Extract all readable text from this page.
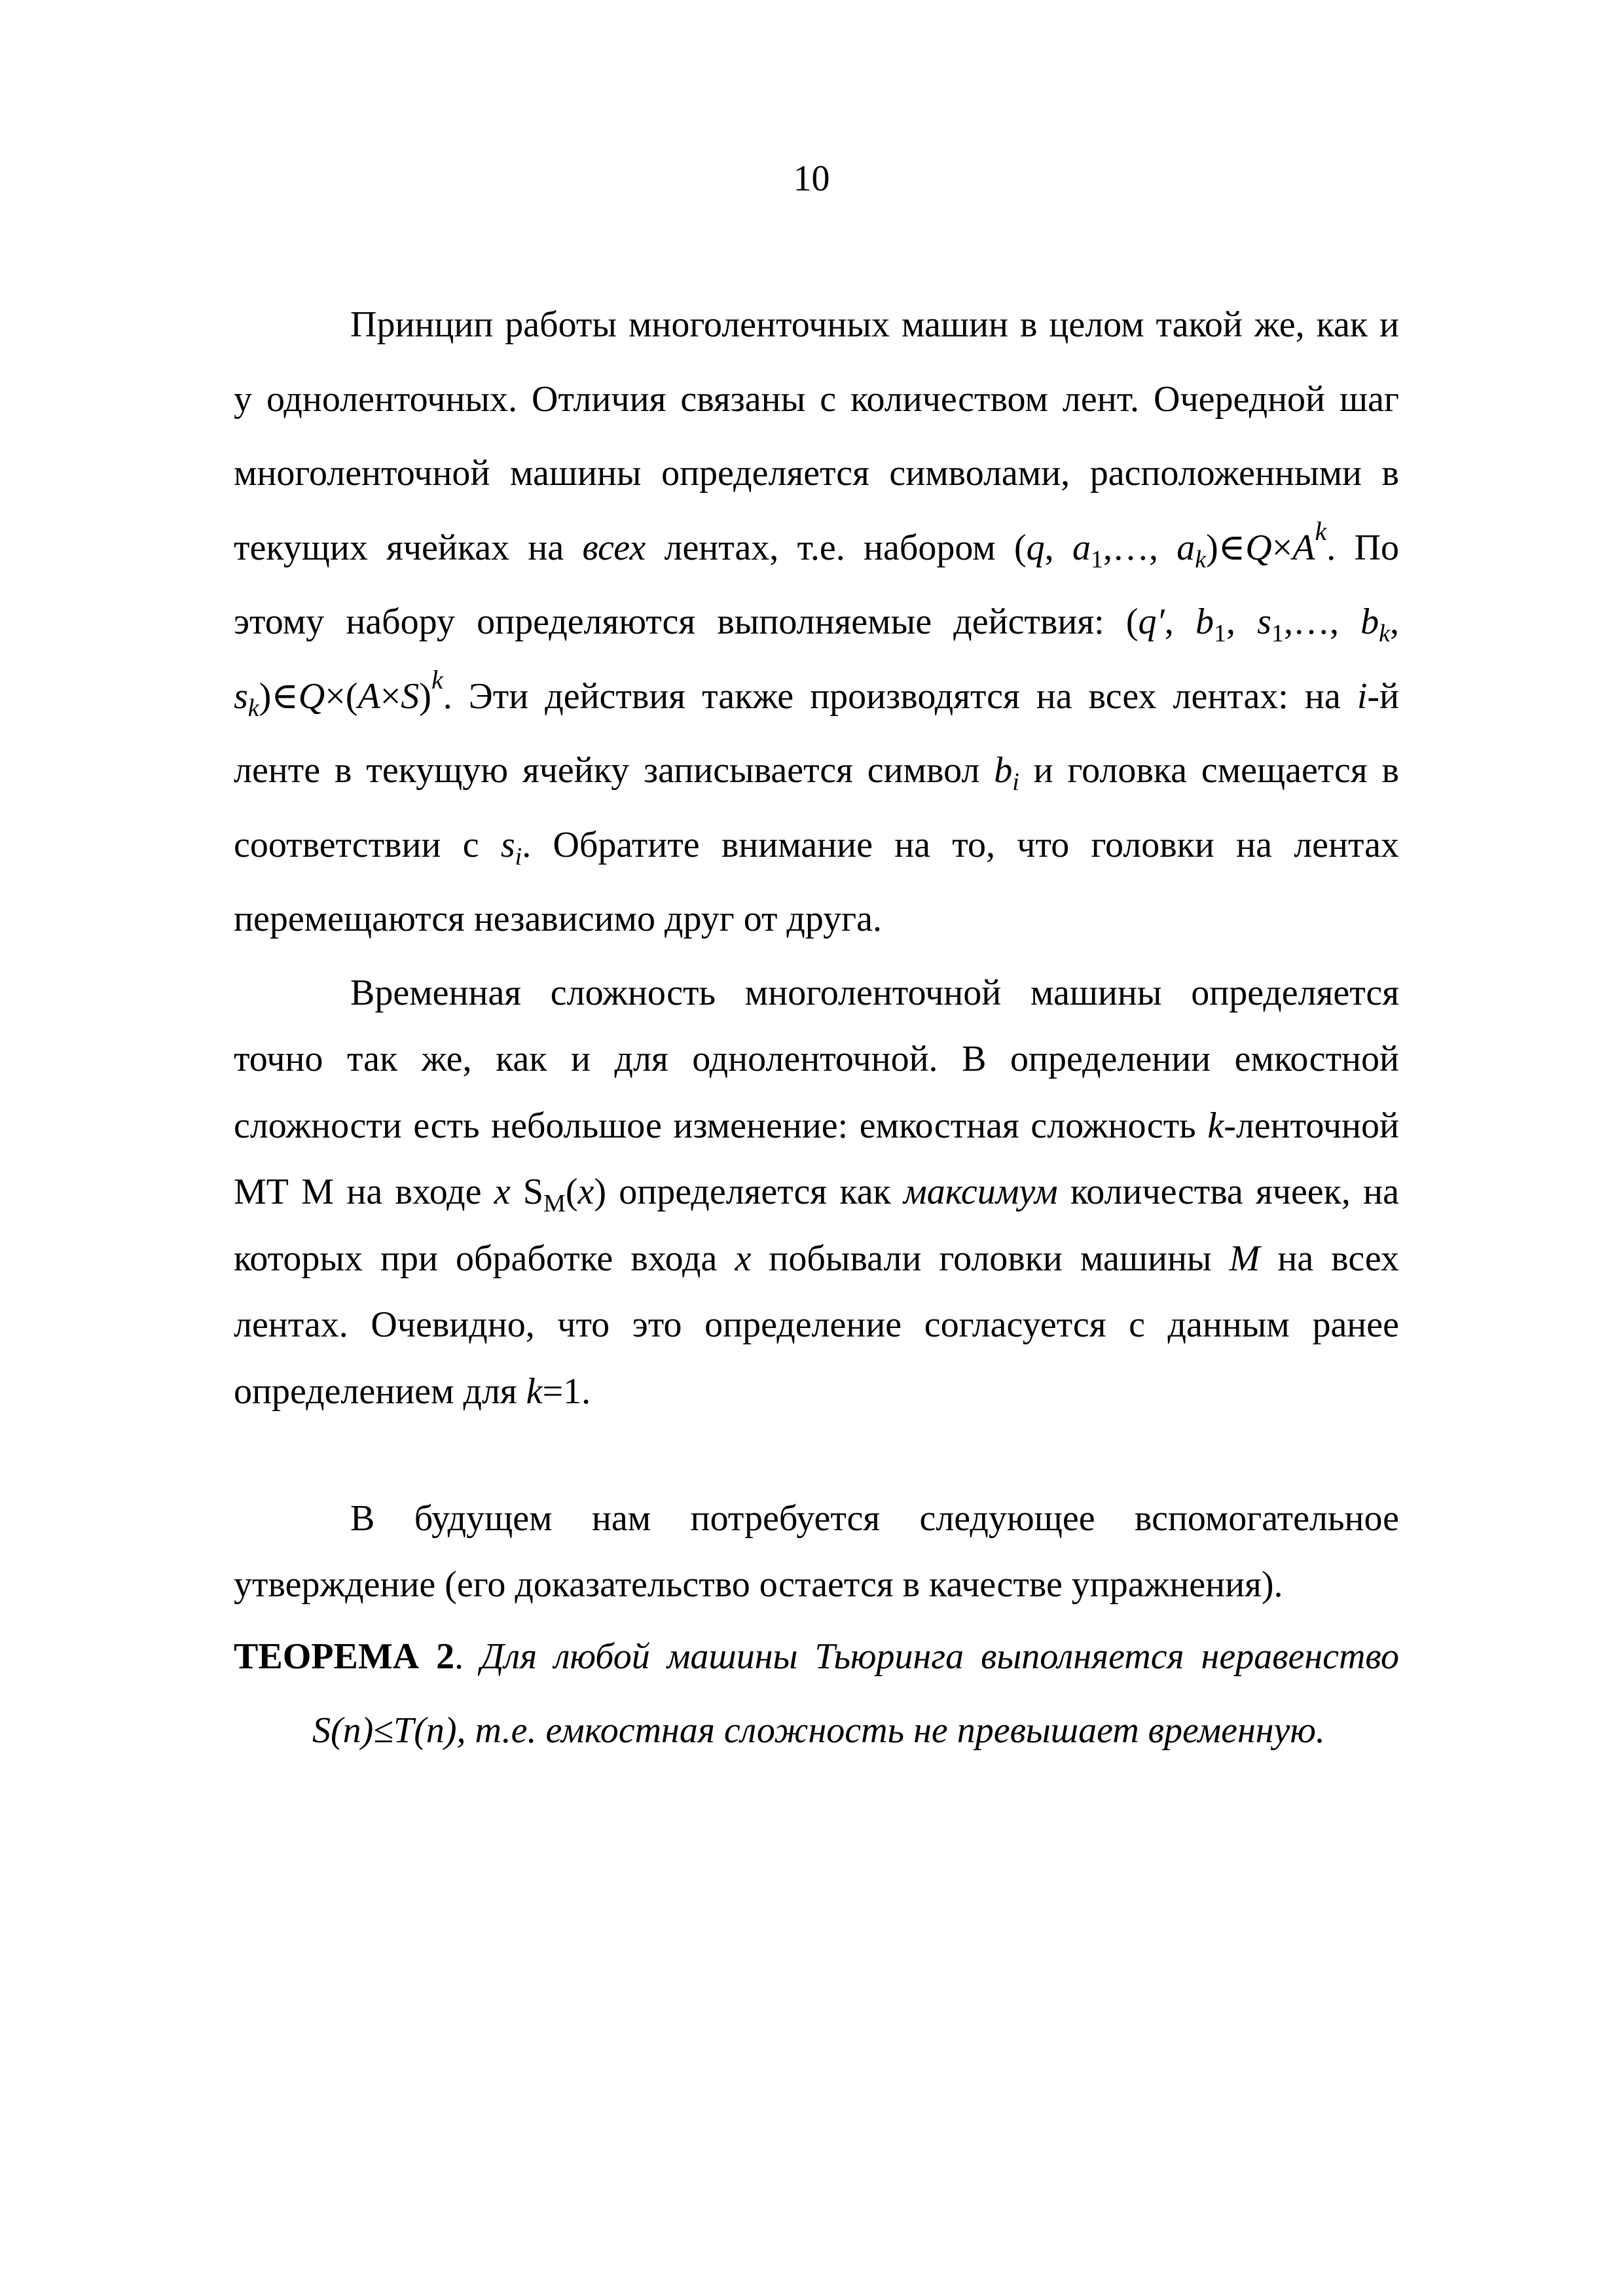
10

Принцип работы многоленточных машин в целом такой же, как и у одноленточных. Отличия связаны с количеством лент. Очередной шаг многоленточной машины определяется символами, расположенными в текущих ячейках на всех лентах, т.е. набором (q, $a_1,\dots$, $a_k)\in Q\times A^k$. По этому набору определяются выполняемые действия: (q′, $b_1$, $s_1,\dots$, $b_k$, $s_k)\in Q\times(A\times S)^k$. Эти действия также производятся на всех лентах: на i-й ленте в текущую ячейку записывается символ $b_i$ и головка смещается в соответствии с $s_i$. Обратите внимание на то, что головки на лентах перемещаются независимо друг от друга.

Временная сложность многоленточной машины определяется точно так же, как и для одноленточной. В определении емкостной сложности есть небольшое изменение: емкостная сложность k-ленточной МТ М на входе x $S_M(x)$ определяется как максимум количества ячеек, на которых при обработке входа x побывали головки машины M на всех лентах. Очевидно, что это определение согласуется с данным ранее определением для k=1.

В будущем нам потребуется следующее вспомогательное утверждение (его доказательство остается в качестве упражнения).

ТЕОРЕМА 2. Для любой машины Тьюринга выполняется неравенство S(n)≤T(n), т.е. емкостная сложность не превышает временную.
